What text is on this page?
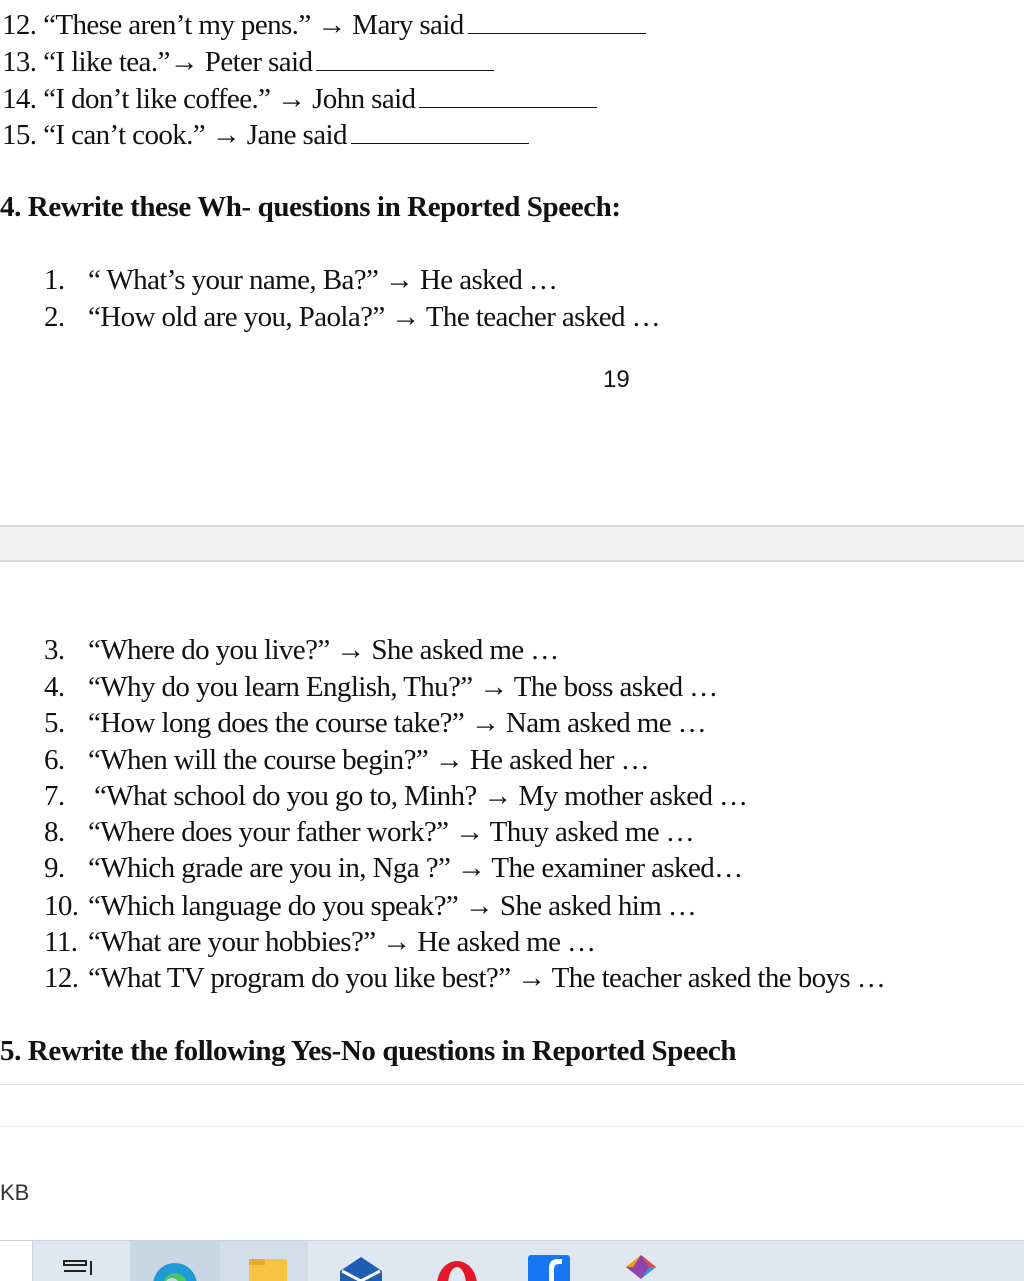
12. “These aren’t my pens.” → Mary said
13. “I like tea.”→ Peter said
14. “I don’t like coffee.” → John said
15. “I can’t cook.” → Jane said
4. Rewrite these Wh- questions in Reported Speech:
1. “ What’s your name, Ba?” → He asked …
2. “How old are you, Paola?” → The teacher asked …
19
3. “Where do you live?” → She asked me …
4. “Why do you learn English, Thu?” → The boss asked …
5. “How long does the course take?” → Nam asked me …
6. “When will the course begin?” → He asked her …
7. “What school do you go to, Minh? → My mother asked …
8. “Where does your father work?” → Thuy asked me …
9. “Which grade are you in, Nga ?” → The examiner asked…
10. “Which language do you speak?” → She asked him …
11. “What are your hobbies?” → He asked me …
12. “What TV program do you like best?” → The teacher asked the boys …
5. Rewrite the following Yes-No questions in Reported Speech
KB
